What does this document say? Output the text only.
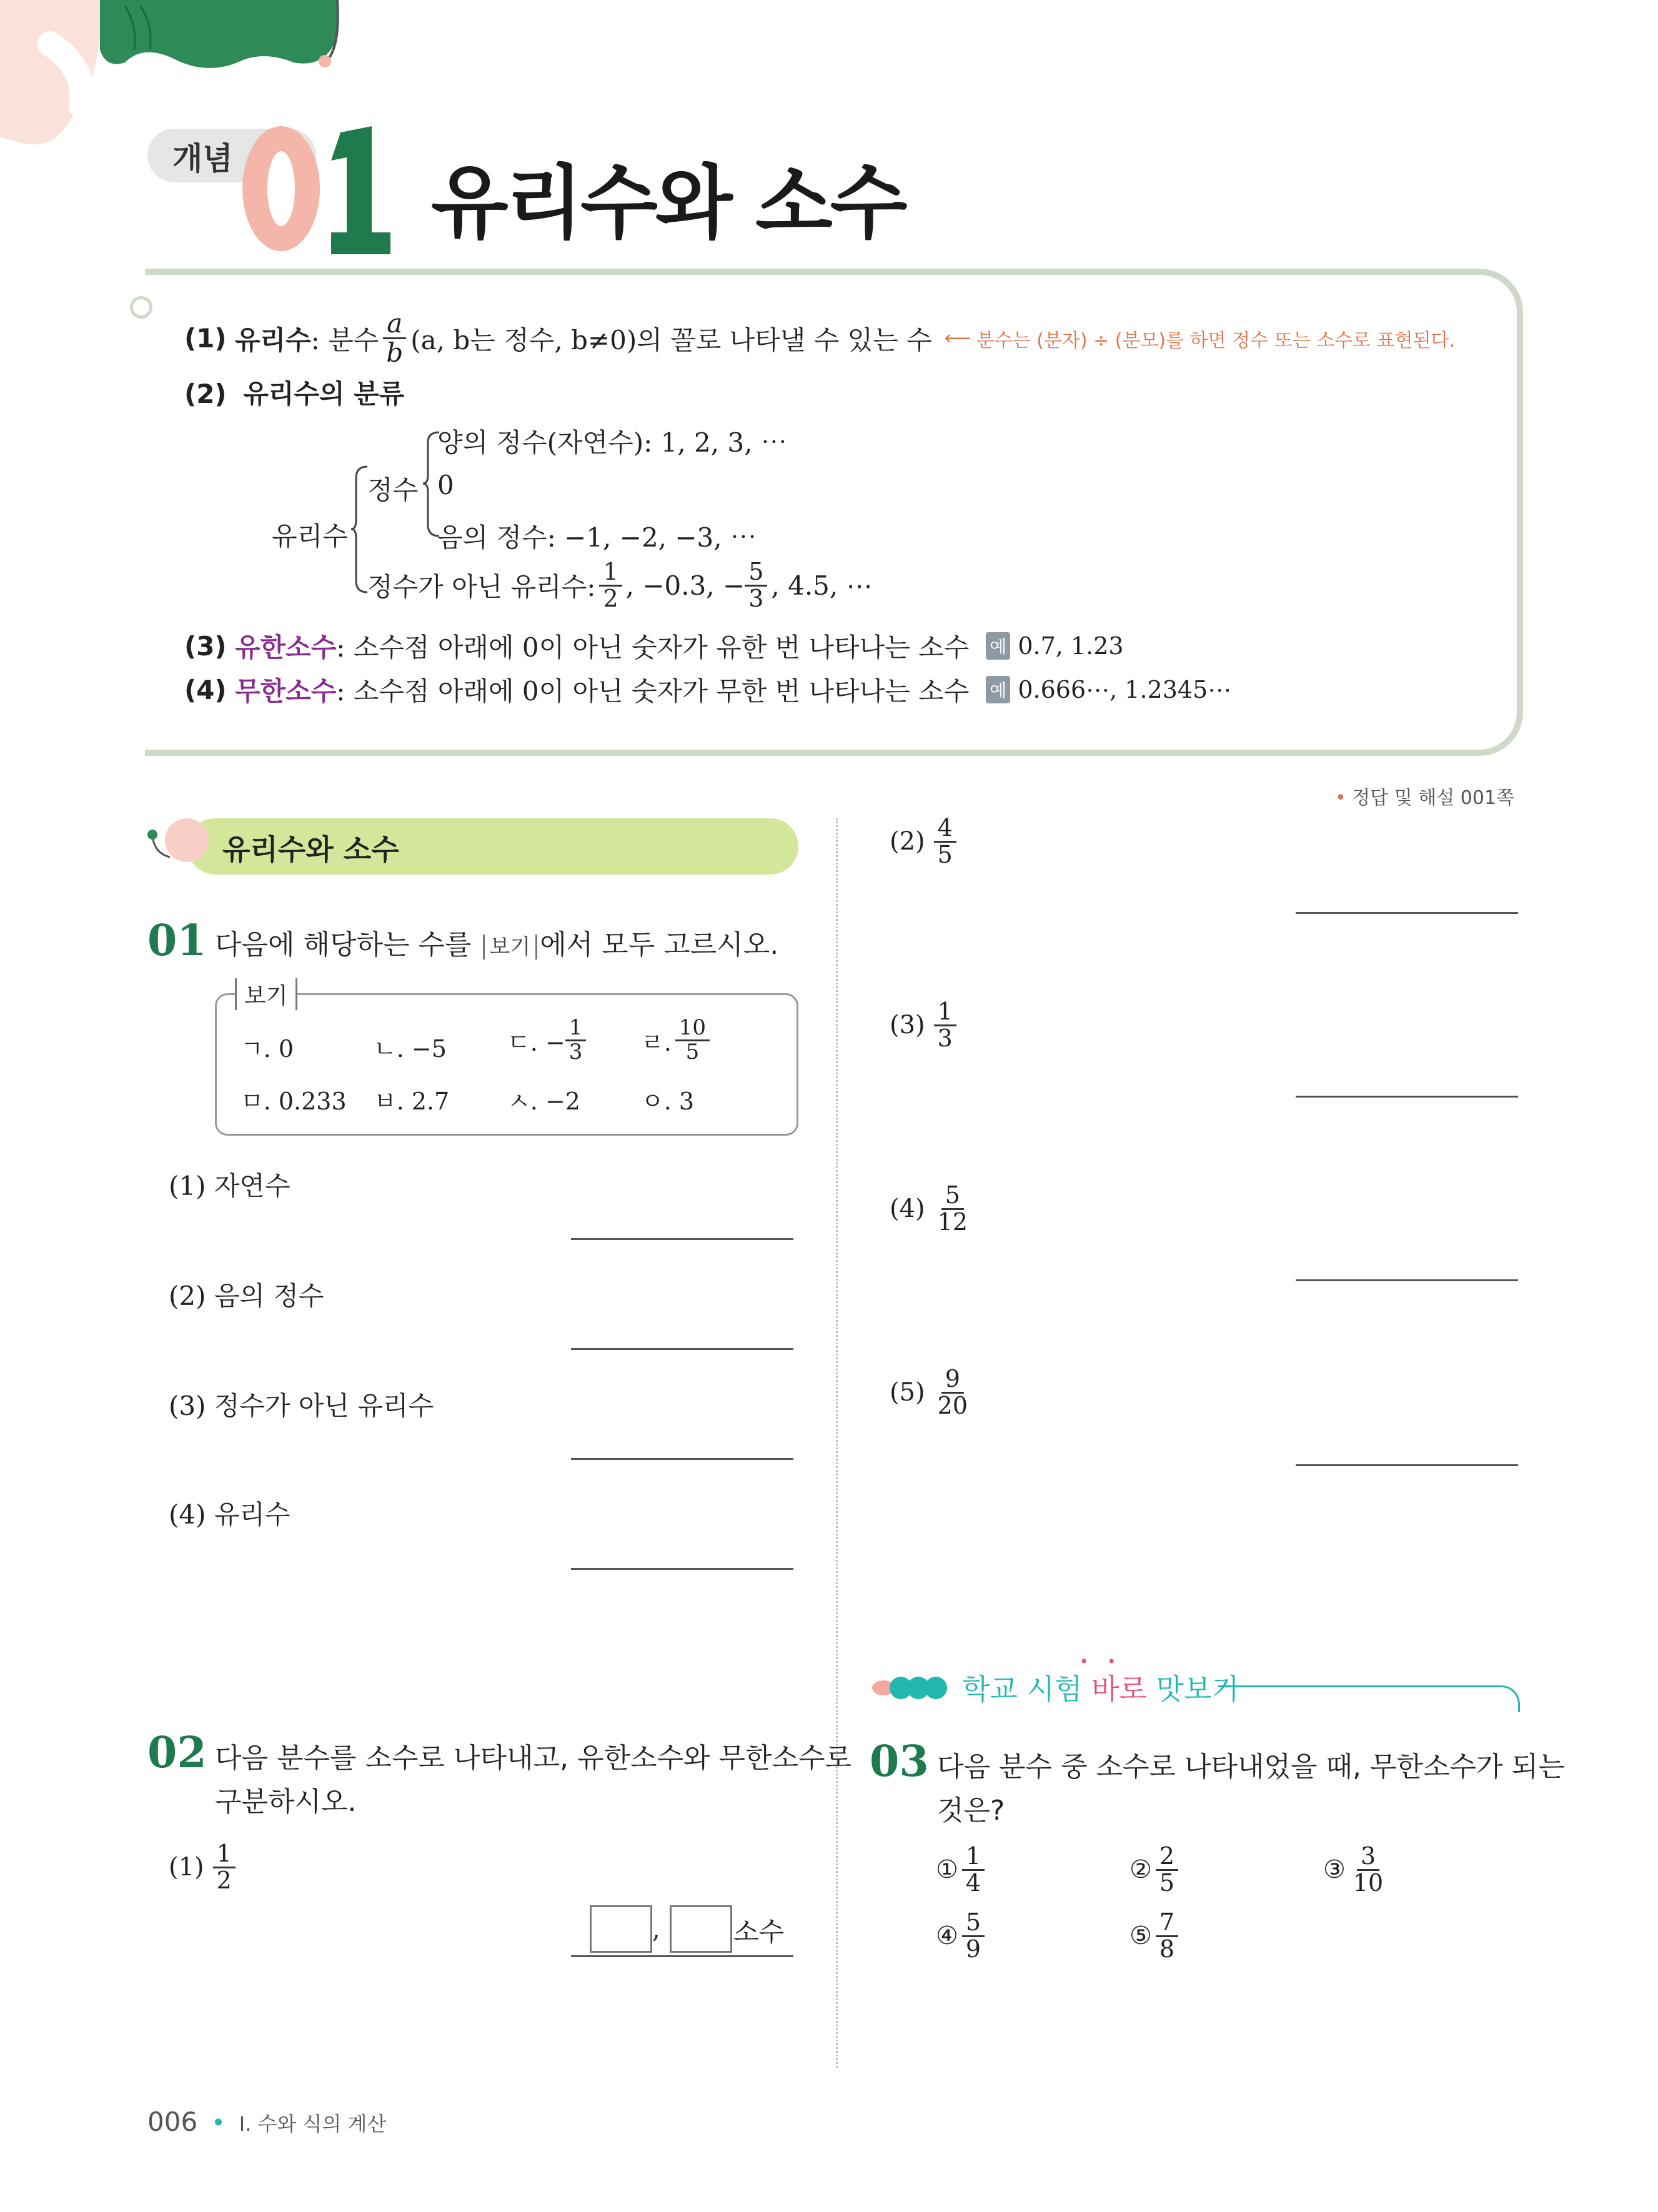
개념 유리수와 소수
(1)
유리수 : 분수 $\frac{a}{b} (a$, b는 정수, b≠0)의 꼴로 나타낼 수 있는 수 ⟵ 분수는 (분자) ÷ (분모)를 하면 정수 또는 소수로 표현된다.
(2) 유리수의 분류
유리수
정수
양의 정수(자연수): 1, 2, 3, ⋯
0
음의 정수: −1, −2, −3, ⋯
정수가 아닌 유리수: $\frac{1}{2}$ , −0.3, − $\frac{5}{3}$ , 4.5, ⋯
(3)
유한소수 : 소수점 아래에 0이 아닌 숫자가 유한 번 나타나는 소수	예 0.7, 1.23
(4)
무한소수 : 소수점 아래에 0이 아닌 숫자가 무한 번 나타나는 소수	예 0.666⋯, 1.2345⋯
• 정답 및 해설 001쪽
유리수와 소수
01 다음에 해당하는 수를 보기 에서 모두 고르시오.
보기
ㄱ. 0	ㄴ. −5	ㄷ. − $\frac{1}{3}$ ㄹ. $\frac{10}{5}$
ㅁ. 0.233 ㅂ. 2.7 ㅅ. −2	ㅇ. 3
(1) 자연수
(2) 음의 정수
(3) 정수가 아닌 유리수
(4) 유리수
02 다음 분수를 소수로 나타내고, 유한소수와 무한소수로
구분하시오.
$(1) \frac{1}{2}$
,	소수
$(2) \frac{4}{5}$
$(3) \frac{1}{3}$
$(4) \frac{5}{12}$
$(5) \frac{9}{20}$
학교 시험 바로 맛보기
••
03 다음 분수 중 소수로 나타내었을 때, 무한소수가 되는
것은?
① $\frac{1}{4}$	② $\frac{2}{5}$	③ $\frac{3}{10}$
④ $\frac{5}{9}$	⑤ $\frac{7}{8}$
006 • Ⅰ. 수와 식의 계산
